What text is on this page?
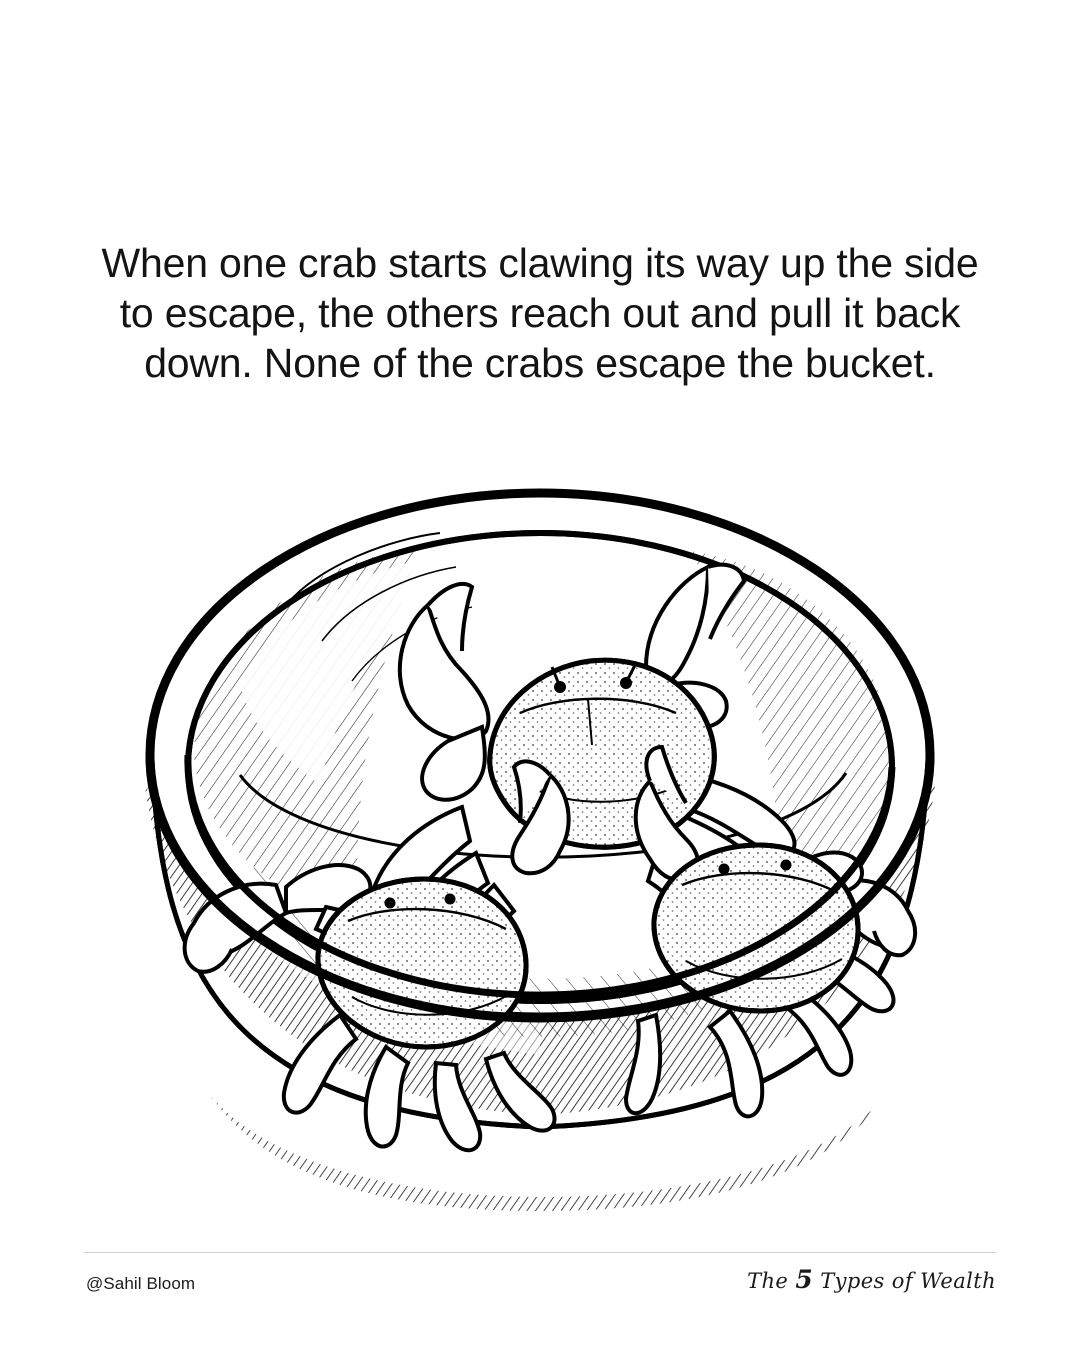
When one crab starts clawing its way up the side
to escape, the others reach out and pull it back
down. None of the crabs escape the bucket.
@Sahil Bloom	The 5 Types of Wealth
